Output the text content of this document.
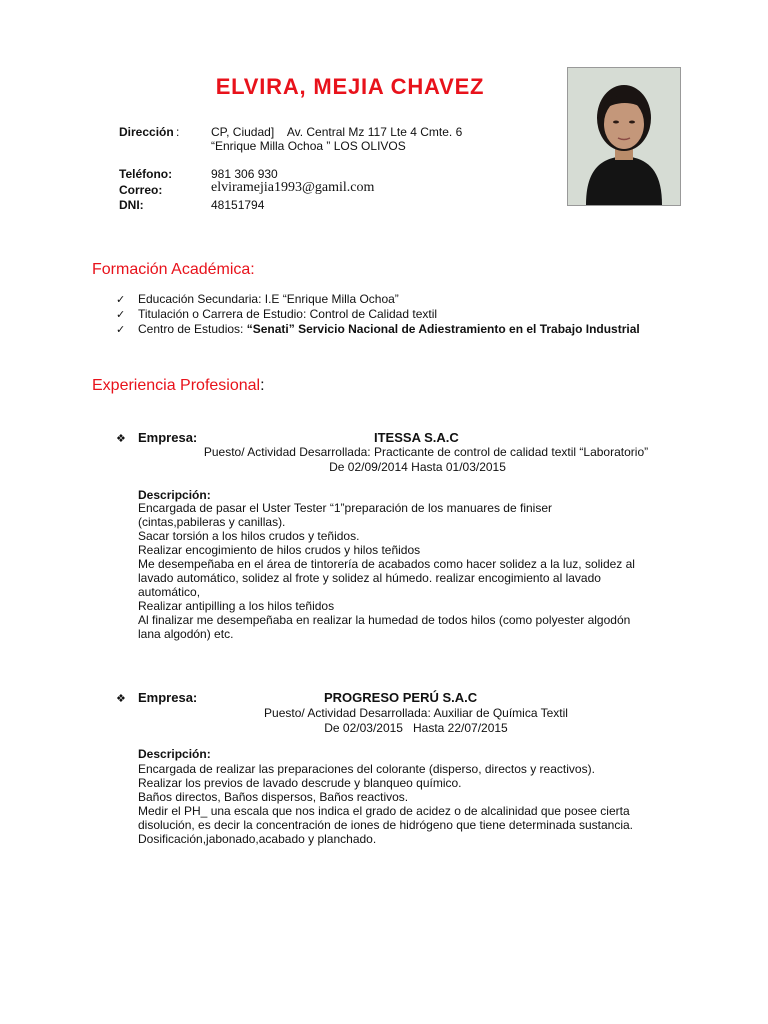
ELVIRA, MEJIA CHAVEZ
Dirección :	CP, Ciudad]    Av. Central Mz 117 Lte 4 Cmte. 6
“Enrique Milla Ochoa ” LOS OLIVOS
Teléfono:	981 306 930
Correo:	elviramejia1993@gamil.com
DNI:	48151794
Formación Académica:
✓ Educación Secundaria: I.E “Enrique Milla Ochoa”
✓ Titulación o Carrera de Estudio: Control de Calidad textil
✓ Centro de Estudios: “Senati” Servicio Nacional de Adiestramiento en el Trabajo Industrial
Experiencia Profesional:
❖ Empresa:	ITESSA S.A.C
Puesto/ Actividad Desarrollada: Practicante de control de calidad textil “Laboratorio”
De 02/09/2014 Hasta 01/03/2015
Descripción:

Encargada de pasar el Uster Tester “1”preparación de los manuares de finiser

(cintas,pabileras y canillas).

Sacar torsión a los hilos crudos y teñidos.

Realizar encogimiento de hilos crudos y hilos teñidos

Me desempeñaba en el área de tintorería de acabados como hacer solidez a la luz, solidez al

lavado automático, solidez al frote y solidez al húmedo. realizar encogimiento al lavado

automático,

Realizar antipilling a los hilos teñidos

Al finalizar me desempeñaba en realizar la humedad de todos hilos (como polyester algodón

lana algodón) etc.

❖ Empresa:	PROGRESO PERÚ S.A.C
Puesto/ Actividad Desarrollada: Auxiliar de Química Textil
De 02/03/2015   Hasta 22/07/2015
Descripción:

Encargada de realizar las preparaciones del colorante (disperso, directos y reactivos).

Realizar los previos de lavado descrude y blanqueo químico.

Baños directos, Baños dispersos, Baños reactivos.

Medir el PH_ una escala que nos indica el grado de acidez o de alcalinidad que posee cierta

disolución, es decir la concentración de iones de hidrógeno que tiene determinada sustancia.

Dosificación,jabonado,acabado y planchado.
